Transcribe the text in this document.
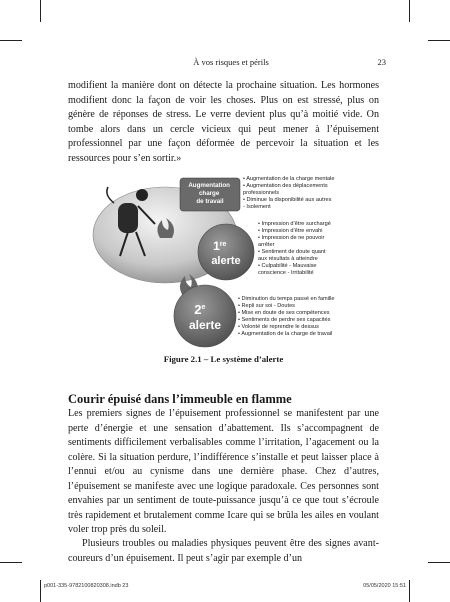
À vos risques et périls	23

modifient la manière dont on détecte la prochaine situation. Les hormones modifient donc la façon de voir les choses. Plus on est stressé, plus on génère de réponses de stress. Le verre devient plus qu’à moitié vide. On tombe alors dans un cercle vicieux qui peut mener à l’épuisement professionnel par une façon déformée de percevoir la situation et les ressources pour s’en sortir.»

Augmentation charge de travail
1re alerte
2e alerte
• Augmentation de la charge mentale • Augmentation des déplacements professionnels • Diminue la disponibilité aux autres - Isolement
• Impression d’être surchargé • Impression d’être envahi • Impression de ne pouvoir arrêter • Sentiment de doute quant aux résultats à atteindre • Culpabilité - Mauvaise conscience - Irritabilité
• Diminution du temps passé en famille • Repli sur soi - Doutes • Mise en doute de ses compétences • Sentiments de perdre ses capacités • Volonté de reprendre le dessus • Augmentation de la charge de travail
Figure 2.1 – Le système d’alerte
Courir épuisé dans l’immeuble en flamme

Les premiers signes de l’épuisement professionnel se manifestent par une perte d’énergie et une sensation d’abattement. Ils s’accompagnent de sentiments difficilement verbalisables comme l’irritation, l’agacement ou la colère. Si la situation perdure, l’indifférence s’installe et peut laisser place à l’ennui et/ou au cynisme dans une dernière phase. Chez d’autres, l’épuisement se manifeste avec une logique paradoxale. Ces personnes sont envahies par un sentiment de toute-puissance jusqu’à ce que tout s’écroule très rapidement et brutalement comme Icare qui se brûla les ailes en voulant voler trop près du soleil.

Plusieurs troubles ou maladies physiques peuvent être des signes avant-coureurs d’un épuisement. Il peut s’agir par exemple d’un

p001-335-9782100820308.indb 23	05/05/2020 15:51
